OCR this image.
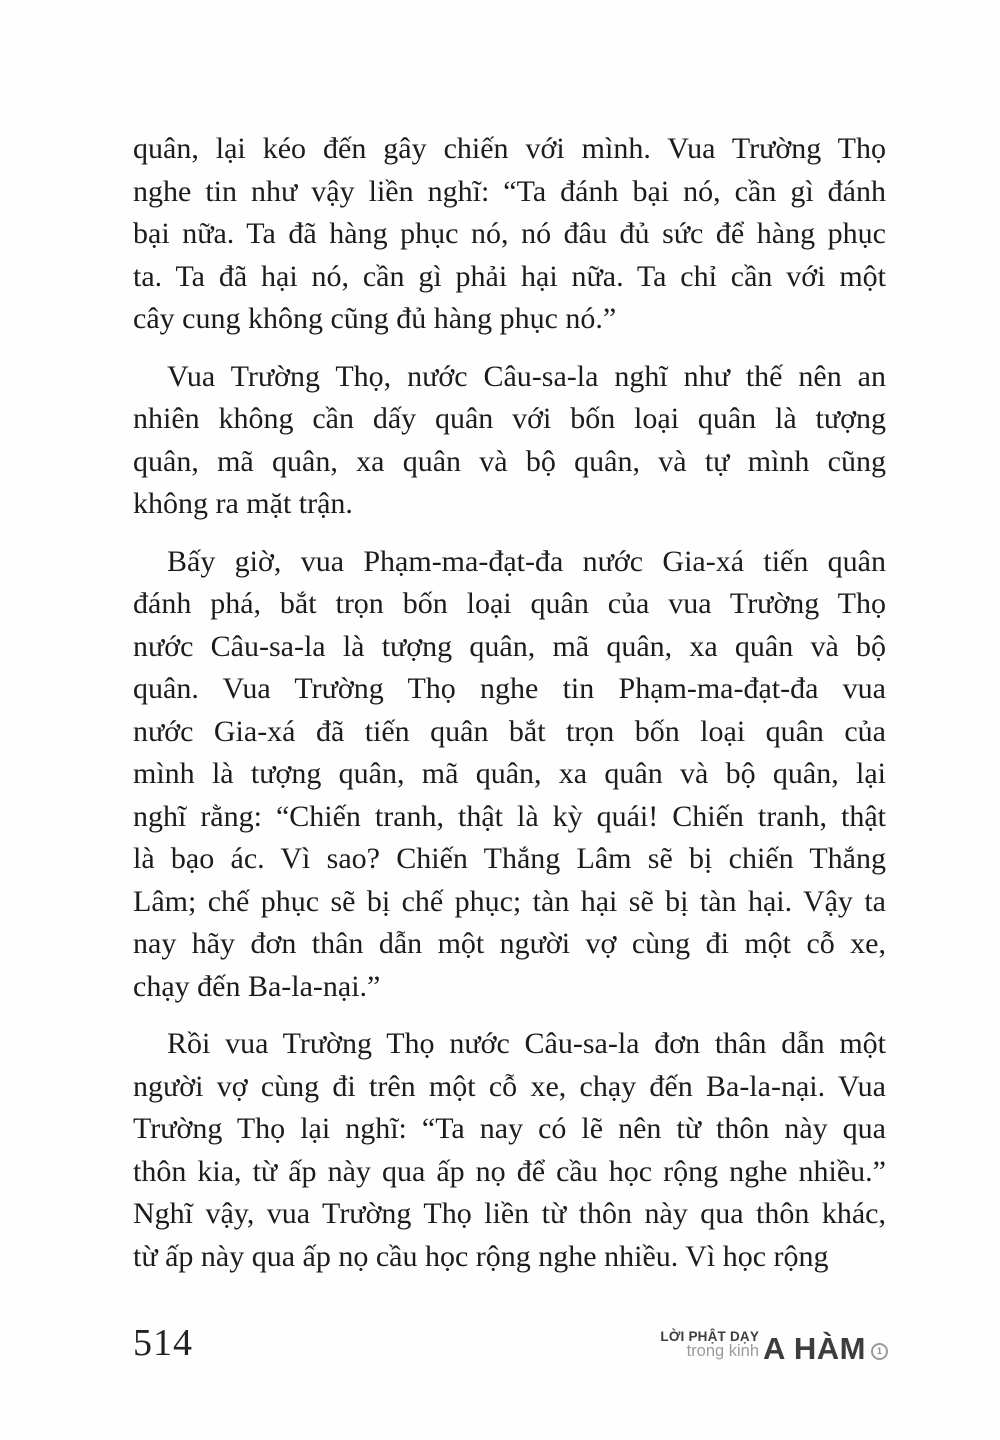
quân, lại kéo đến gây chiến với mình. Vua Trường Thọ
nghe tin như vậy liền nghĩ: “Ta đánh bại nó, cần gì đánh
bại nữa. Ta đã hàng phục nó, nó đâu đủ sức để hàng phục
ta. Ta đã hại nó, cần gì phải hại nữa. Ta chỉ cần với một
cây cung không cũng đủ hàng phục nó.”
Vua Trường Thọ, nước Câu-sa-la nghĩ như thế nên an
nhiên không cần dấy quân với bốn loại quân là tượng
quân, mã quân, xa quân và bộ quân, và tự mình cũng
không ra mặt trận.
Bấy giờ, vua Phạm-ma-đạt-đa nước Gia-xá tiến quân
đánh phá, bắt trọn bốn loại quân của vua Trường Thọ
nước Câu-sa-la là tượng quân, mã quân, xa quân và bộ
quân. Vua Trường Thọ nghe tin Phạm-ma-đạt-đa vua
nước Gia-xá đã tiến quân bắt trọn bốn loại quân của
mình là tượng quân, mã quân, xa quân và bộ quân, lại
nghĩ rằng: “Chiến tranh, thật là kỳ quái! Chiến tranh, thật
là bạo ác. Vì sao? Chiến Thắng Lâm sẽ bị chiến Thắng
Lâm; chế phục sẽ bị chế phục; tàn hại sẽ bị tàn hại. Vậy ta
nay hãy đơn thân dẫn một người vợ cùng đi một cỗ xe,
chạy đến Ba-la-nại.”
Rồi vua Trường Thọ nước Câu-sa-la đơn thân dẫn một
người vợ cùng đi trên một cỗ xe, chạy đến Ba-la-nại. Vua
Trường Thọ lại nghĩ: “Ta nay có lẽ nên từ thôn này qua
thôn kia, từ ấp này qua ấp nọ để cầu học rộng nghe nhiều.”
Nghĩ vậy, vua Trường Thọ liền từ thôn này qua thôn khác,
từ ấp này qua ấp nọ cầu học rộng nghe nhiều. Vì học rộng
514	LỜI PHẬT DẠY
trong kinh A HÀM	1
